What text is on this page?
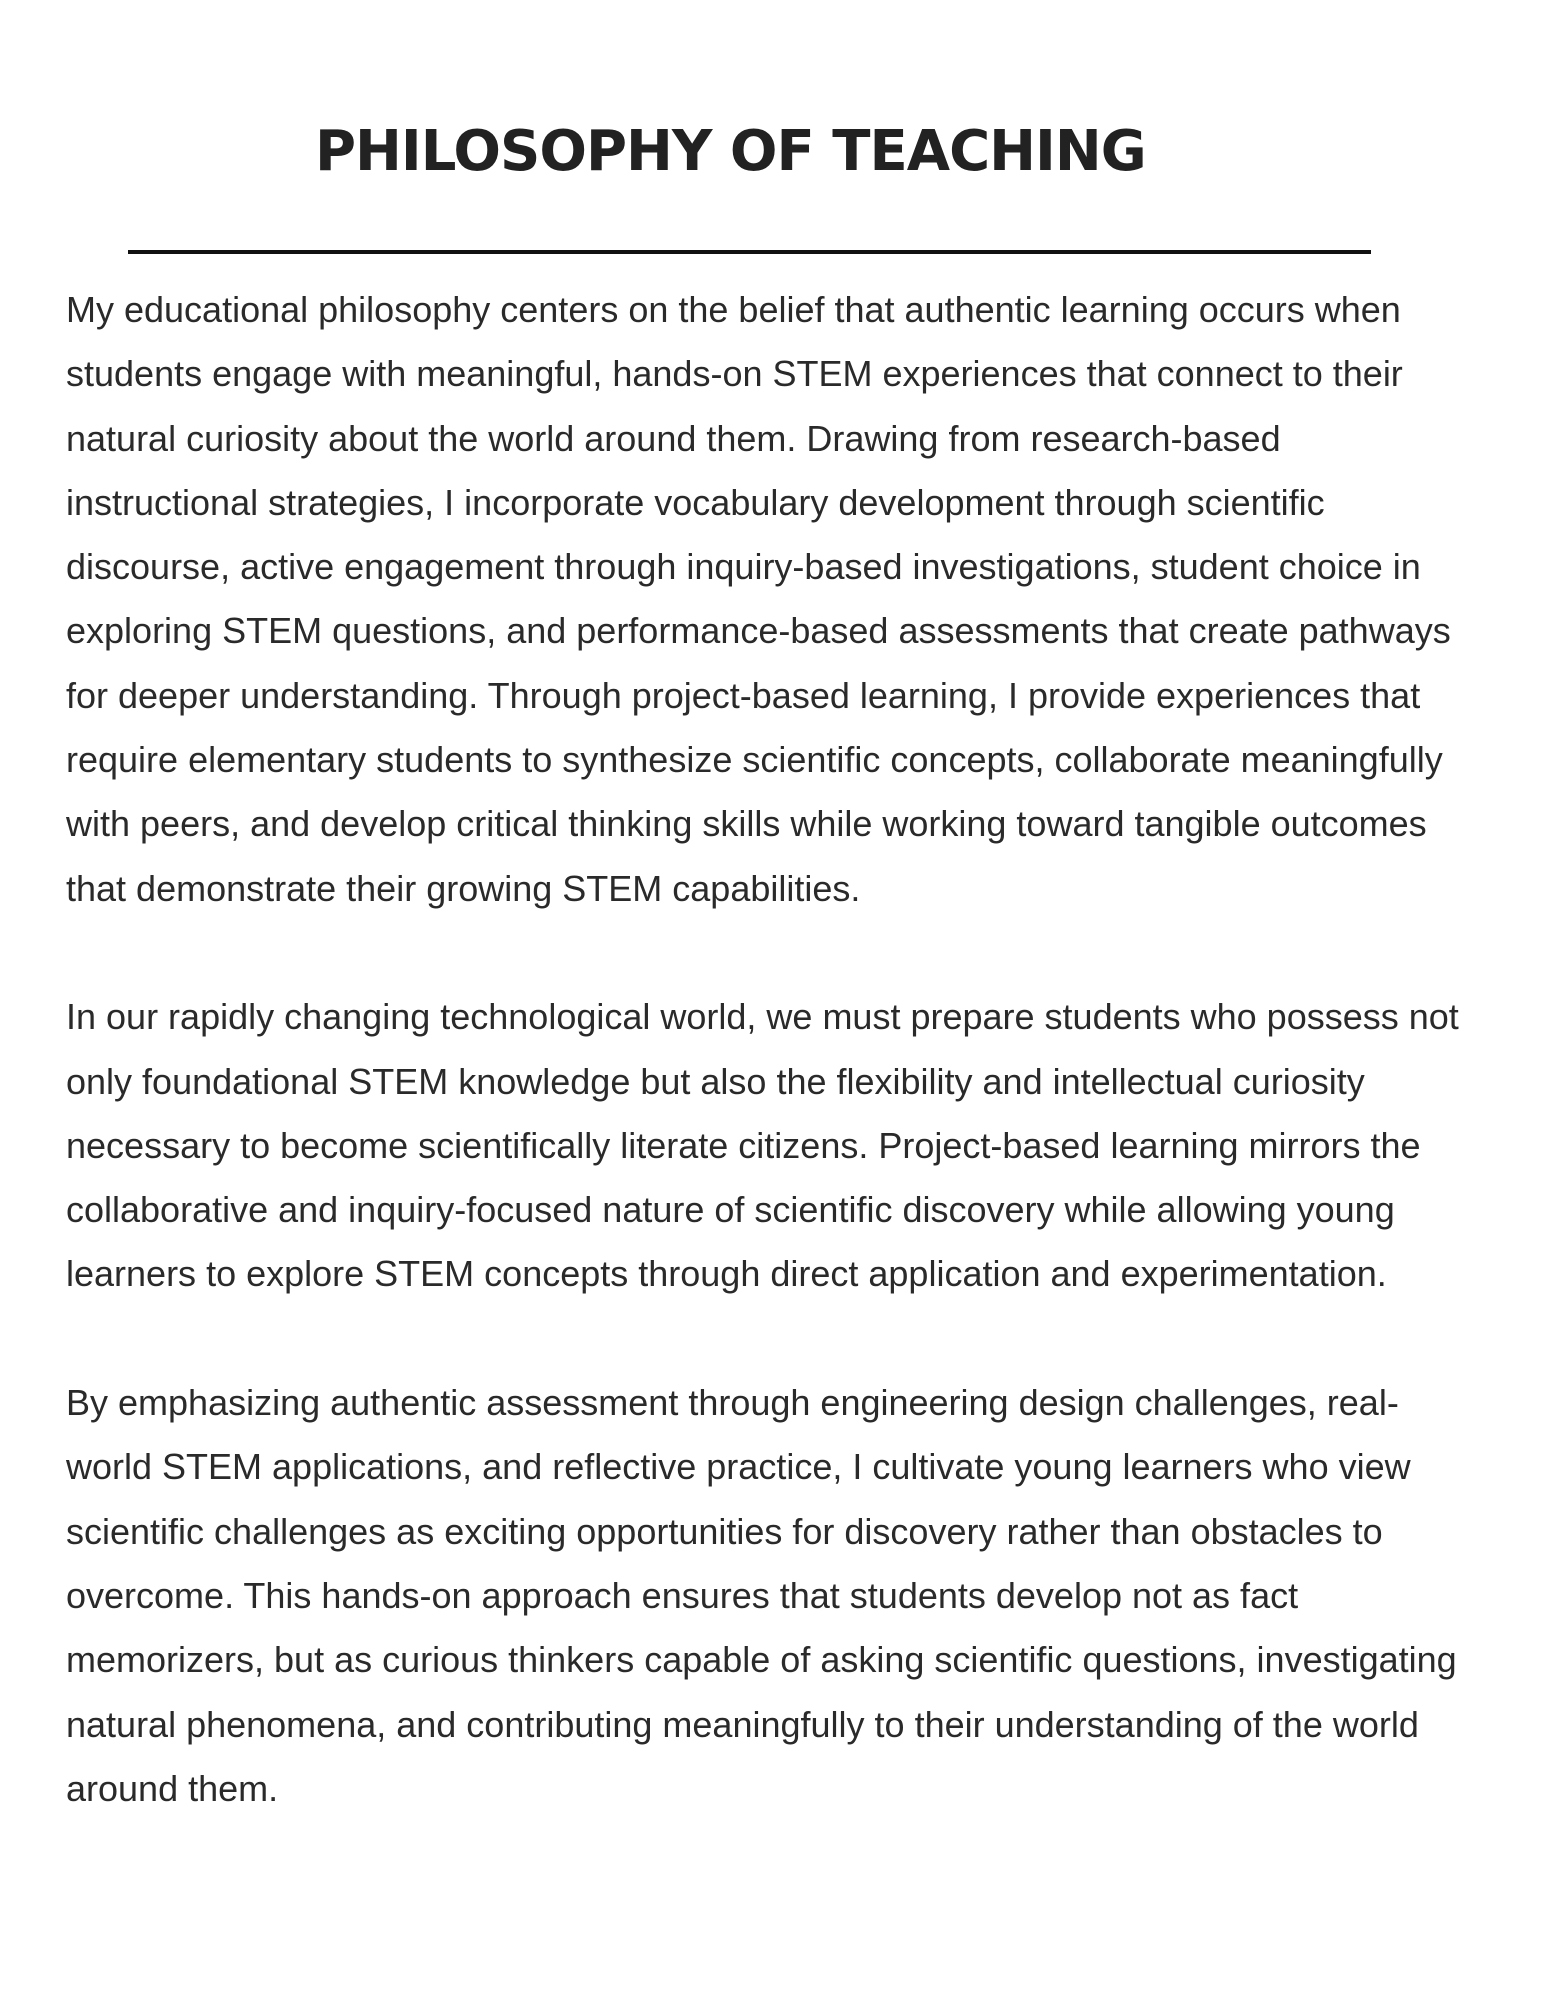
PHILOSOPHY OF TEACHING

My educational philosophy centers on the belief that authentic learning occurs when students engage with meaningful, hands-on STEM experiences that connect to their natural curiosity about the world around them. Drawing from research-based instructional strategies, I incorporate vocabulary development through scientific discourse, active engagement through inquiry-based investigations, student choice in exploring STEM questions, and performance-based assessments that create pathways for deeper understanding. Through project-based learning, I provide experiences that require elementary students to synthesize scientific concepts, collaborate meaningfully with peers, and develop critical thinking skills while working toward tangible outcomes that demonstrate their growing STEM capabilities.

In our rapidly changing technological world, we must prepare students who possess not only foundational STEM knowledge but also the flexibility and intellectual curiosity necessary to become scientifically literate citizens. Project-based learning mirrors the collaborative and inquiry-focused nature of scientific discovery while allowing young learners to explore STEM concepts through direct application and experimentation.

By emphasizing authentic assessment through engineering design challenges, real-world STEM applications, and reflective practice, I cultivate young learners who view scientific challenges as exciting opportunities for discovery rather than obstacles to overcome. This hands-on approach ensures that students develop not as fact memorizers, but as curious thinkers capable of asking scientific questions, investigating natural phenomena, and contributing meaningfully to their understanding of the world around them.
